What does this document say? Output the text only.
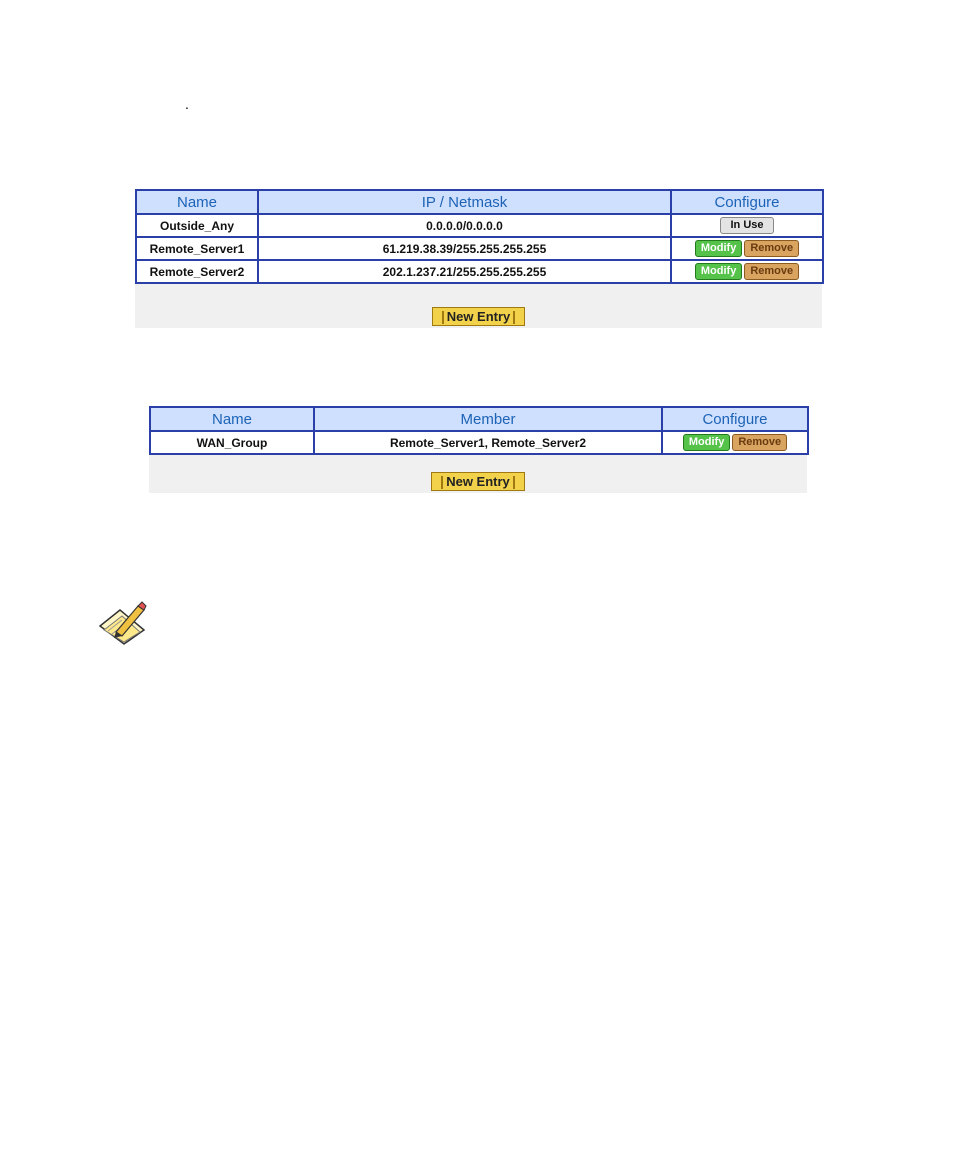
.
Name	IP / Netmask	Configure
Outside_Any	0.0.0.0/0.0.0.0	In Use
Remote_Server1	61.219.38.39/255.255.255.255	Modify Remove
Remote_Server2	202.1.237.21/255.255.255.255	Modify Remove
New Entry
Name	Member	Configure
WAN_Group	Remote_Server1, Remote_Server2	Modify Remove
New Entry
